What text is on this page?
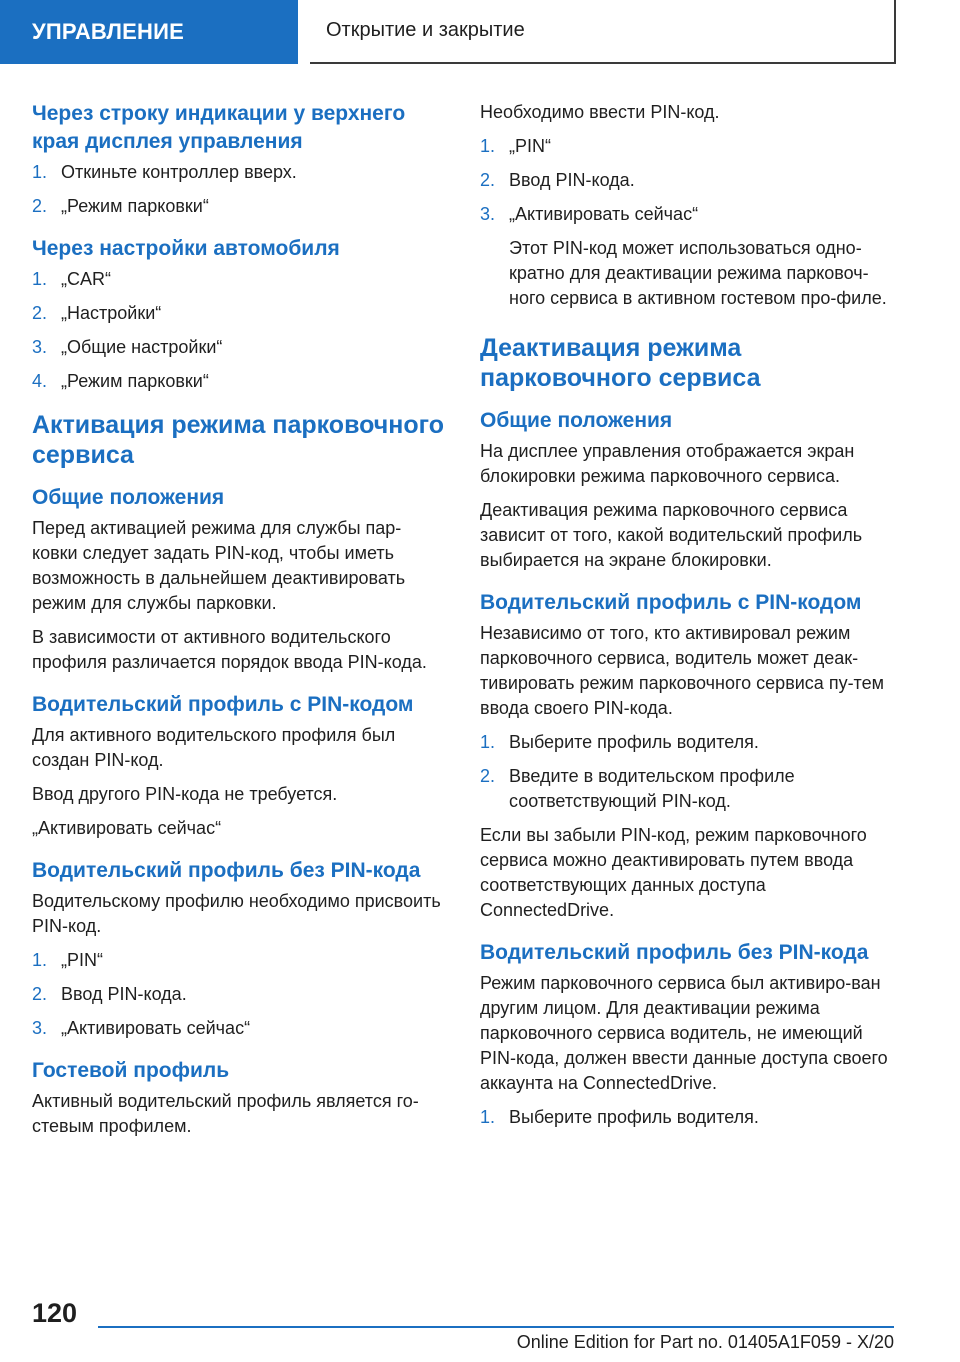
УПРАВЛЕНИЕ	Открытие и закрытие
Через строку индикации у верхнего края дисплея управления
1. Откиньте контроллер вверх.
2. „Режим парковки“
Через настройки автомобиля
1. „CAR“
2. „Настройки“
3. „Общие настройки“
4. „Режим парковки“
Активация режима парковочного сервиса
Общие положения
Перед активацией режима для службы пар-ковки следует задать PIN-код, чтобы иметь возможность в дальнейшем деактивировать режим для службы парковки.
В зависимости от активного водительского профиля различается порядок ввода PIN-кода.
Водительский профиль с PIN-кодом
Для активного водительского профиля был создан PIN-код.
Ввод другого PIN-кода не требуется.
„Активировать сейчас“
Водительский профиль без PIN-кода
Водительскому профилю необходимо присвоить PIN-код.
1. „PIN“
2. Ввод PIN-кода.
3. „Активировать сейчас“
Гостевой профиль
Активный водительский профиль является го-стевым профилем.
Необходимо ввести PIN-код.
1. „PIN“
2. Ввод PIN-кода.
3. „Активировать сейчас“
Этот PIN-код может использоваться одно-кратно для деактивации режима парковоч-ного сервиса в активном гостевом про-филе.
Деактивация режима парковочного сервиса
Общие положения
На дисплее управления отображается экран блокировки режима парковочного сервиса.
Деактивация режима парковочного сервиса зависит от того, какой водительский профиль выбирается на экране блокировки.
Водительский профиль с PIN-кодом
Независимо от того, кто активировал режим парковочного сервиса, водитель может деак-тивировать режим парковочного сервиса пу-тем ввода своего PIN-кода.
1. Выберите профиль водителя.
2. Введите в водительском профиле соответствующий PIN-код.
Если вы забыли PIN-код, режим парковочного сервиса можно деактивировать путем ввода соответствующих данных доступа ConnectedDrive.
Водительский профиль без PIN-кода
Режим парковочного сервиса был активиро-ван другим лицом. Для деактивации режима парковочного сервиса водитель, не имеющий PIN-кода, должен ввести данные доступа своего аккаунта на ConnectedDrive.
1. Выберите профиль водителя.
120
Online Edition for Part no. 01405A1F059 - X/20
